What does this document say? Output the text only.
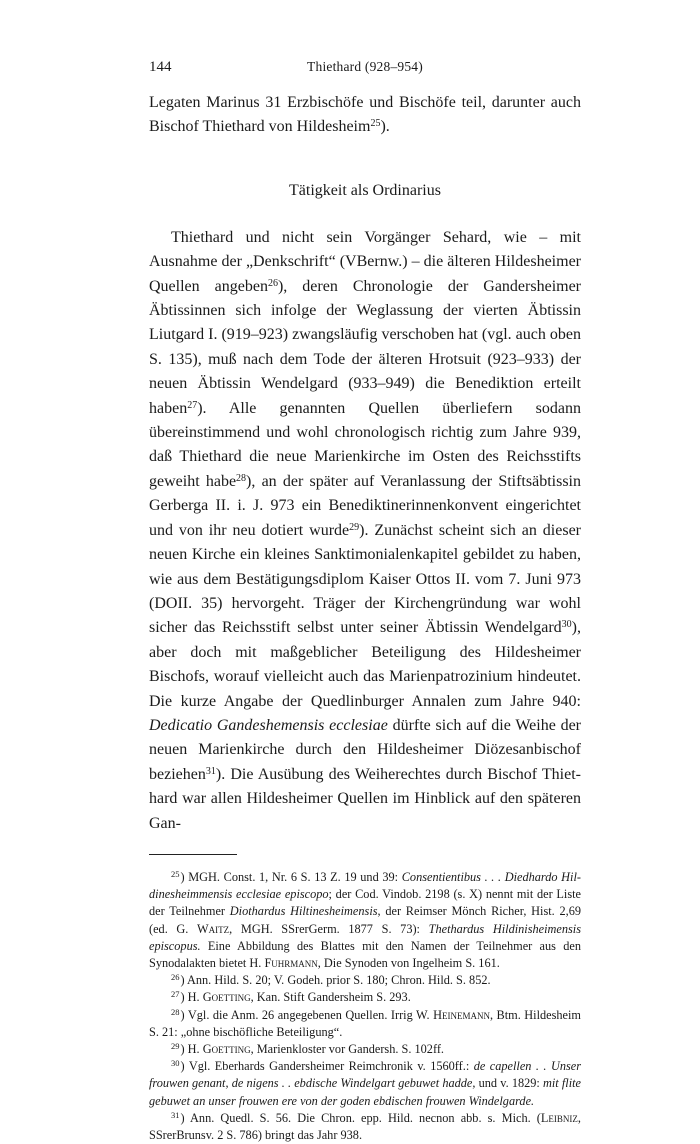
144	Thiethard (928–954)

Legaten Marinus 31 Erzbischöfe und Bischöfe teil, darunter auch Bischof Thiethard von Hildesheim$^{25}$).

Tätigkeit als Ordinarius

Thiethard und nicht sein Vorgänger Sehard, wie – mit Ausnahme der „Denkschrift“ (VBernw.) – die älteren Hildesheimer Quellen angeben$^{26}$), deren Chronologie der Gandersheimer Äbtissinnen sich infolge der Weglassung der vierten Äbtissin Liutgard I. (919–923) zwangsläufig verschoben hat (vgl. auch oben S. 135), muß nach dem Tode der älteren Hrotsuit (923–933) der neuen Äbtissin Wendelgard (933–949) die Benediktion erteilt haben$^{27}$). Alle genannten Quellen überliefern sodann übereinstimmend und wohl chronologisch richtig zum Jahre 939, daß Thiethard die neue Marienkirche im Osten des Reichsstifts geweiht habe$^{28}$), an der später auf Veranlassung der Stiftsäbtissin Gerberga II. i. J. 973 ein Benediktinerinnenkonvent eingerichtet und von ihr neu dotiert wurde$^{29}$). Zunächst scheint sich an dieser neuen Kirche ein kleines Sanktimonialenkapitel gebildet zu haben, wie aus dem Bestätigungsdiplom Kaiser Ottos II. vom 7. Juni 973 (DOII. 35) hervorgeht. Träger der Kirchengründung war wohl sicher das Reichsstift selbst unter seiner Äbtissin Wendelgard$^{30}$), aber doch mit maßgeblicher Beteiligung des Hildesheimer Bischofs, worauf vielleicht auch das Marienpatrozinium hindeutet. Die kurze Angabe der Quedlinburger Annalen zum Jahre 940: Dedicatio Gandeshemensis ecclesiae dürfte sich auf die Weihe der neuen Marienkirche durch den Hildesheimer Diözesanbischof beziehen$^{31}$). Die Ausübung des Weiherechtes durch Bischof Thiethard war allen Hildesheimer Quellen im Hinblick auf den späteren Gan-

$^{25}$) MGH. Const. 1, Nr. 6 S. 13 Z. 19 und 39: Consentientibus . . . Diedhardo Hildinesheimmensis ecclesiae episcopo; der Cod. Vindob. 2198 (s. X) nennt mit der Liste der Teilnehmer Diothardus Hiltinesheimensis, der Reimser Mönch Richer, Hist. 2,69 (ed. G. Waitz, MGH. SSrerGerm. 1877 S. 73): Thethardus Hildinisheimensis episcopus. Eine Abbildung des Blattes mit den Namen der Teilnehmer aus den Synodalakten bietet H. Fuhrmann, Die Synoden von Ingelheim S. 161.

$^{26}$) Ann. Hild. S. 20; V. Godeh. prior S. 180; Chron. Hild. S. 852.

$^{27}$) H. Goetting, Kan. Stift Gandersheim S. 293.

$^{28}$) Vgl. die Anm. 26 angegebenen Quellen. Irrig W. Heinemann, Btm. Hildesheim S. 21: „ohne bischöfliche Beteiligung“.

$^{29}$) H. Goetting, Marienkloster vor Gandersh. S. 102ff.

$^{30}$) Vgl. Eberhards Gandersheimer Reimchronik v. 1560ff.: de capellen . . Unser frouwen genant, de nigens . . ebdische Windelgart gebuwet hadde, und v. 1829: mit flite gebuwet an unser frouwen ere von der goden ebdischen frouwen Windelgarde.

$^{31}$) Ann. Quedl. S. 56. Die Chron. epp. Hild. necnon abb. s. Mich. (Leibniz, SSrerBrunsv. 2 S. 786) bringt das Jahr 938.
